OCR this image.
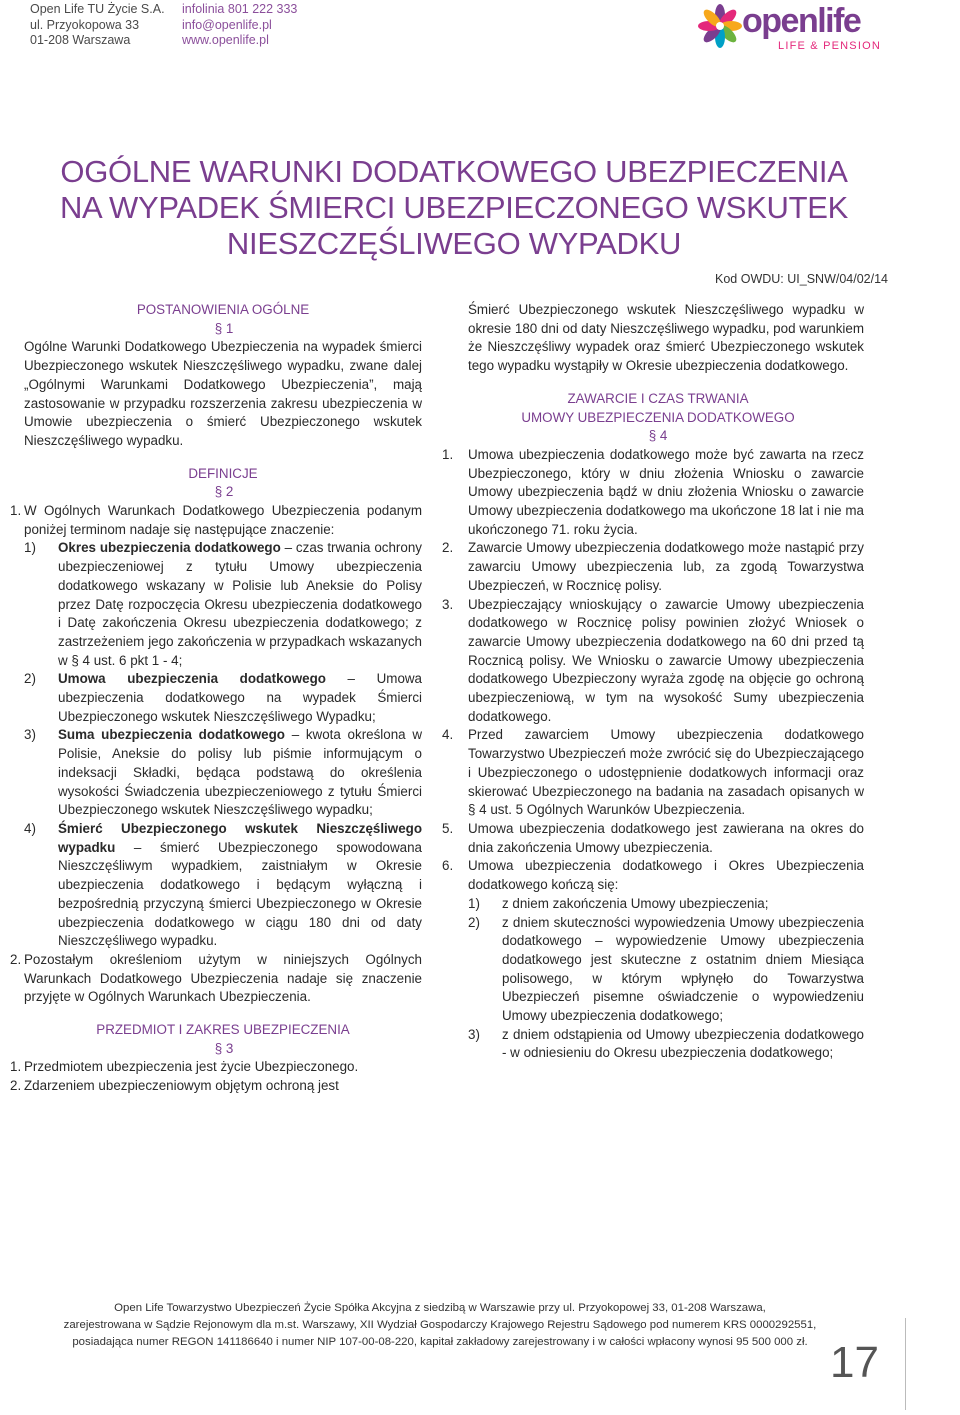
Open Life TU Życie S.A.
ul. Przyokopowa 33
01-208 Warszawa
infolinia 801 222 333
info@openlife.pl
www.openlife.pl	openlife
LIFE & PENSION
OGÓLNE WARUNKI DODATKOWEGO UBEZPIECZENIA
NA WYPADEK ŚMIERCI UBEZPIECZONEGO WSKUTEK
NIESZCZĘŚLIWEGO WYPADKU
Kod OWDU: UI_SNW/04/02/14
POSTANOWIENIA OGÓLNE
§ 1
Ogólne Warunki Dodatkowego Ubezpieczenia na wypadek śmierci Ubezpieczonego wskutek Nieszczęśliwego wypadku, zwane dalej „Ogólnymi Warunkami Dodatkowego Ubezpieczenia”, mają zastosowanie w przypadku rozszerzenia zakresu ubezpieczenia w Umowie ubezpieczenia o śmierć Ubezpieczonego wskutek Nieszczęśliwego wypadku.
DEFINICJE
§ 2
1. W Ogólnych Warunkach Dodatkowego Ubezpieczenia podanym poniżej terminom nadaje się następujące znaczenie:
1) Okres ubezpieczenia dodatkowego – czas trwania ochrony ubezpieczeniowej z tytułu Umowy ubezpieczenia dodatkowego wskazany w Polisie lub Aneksie do Polisy przez Datę rozpoczęcia Okresu ubezpieczenia dodatkowego i Datę zakończenia Okresu ubezpieczenia dodatkowego; z zastrzeżeniem jego zakończenia w przypadkach wskazanych w § 4 ust. 6 pkt 1 - 4;
2) Umowa ubezpieczenia dodatkowego – Umowa ubezpieczenia dodatkowego na wypadek Śmierci Ubezpieczonego wskutek Nieszczęśliwego Wypadku;
3) Suma ubezpieczenia dodatkowego – kwota określona w Polisie, Aneksie do polisy lub piśmie informującym o indeksacji Składki, będąca podstawą do określenia wysokości Świadczenia ubezpieczeniowego z tytułu Śmierci Ubezpieczonego wskutek Nieszczęśliwego wypadku;
4) Śmierć Ubezpieczonego wskutek Nieszczęśliwego wypadku – śmierć Ubezpieczonego spowodowana Nieszczęśliwym wypadkiem, zaistniałym w Okresie ubezpieczenia dodatkowego i będącym wyłączną i bezpośrednią przyczyną śmierci Ubezpieczonego w Okresie ubezpieczenia dodatkowego w ciągu 180 dni od daty Nieszczęśliwego wypadku.
2. Pozostałym określeniom użytym w niniejszych Ogólnych Warunkach Dodatkowego Ubezpieczenia nadaje się znaczenie przyjęte w Ogólnych Warunkach Ubezpieczenia.
PRZEDMIOT I ZAKRES UBEZPIECZENIA
§ 3
1. Przedmiotem ubezpieczenia jest życie Ubezpieczonego.
2. Zdarzeniem ubezpieczeniowym objętym ochroną jest
Śmierć Ubezpieczonego wskutek Nieszczęśliwego wypadku w okresie 180 dni od daty Nieszczęśliwego wypadku, pod warunkiem że Nieszczęśliwy wypadek oraz śmierć Ubezpieczonego wskutek tego wypadku wystąpiły w Okresie ubezpieczenia dodatkowego.
ZAWARCIE I CZAS TRWANIA
UMOWY UBEZPIECZENIA DODATKOWEGO
§ 4
1. Umowa ubezpieczenia dodatkowego może być zawarta na rzecz Ubezpieczonego, który w dniu złożenia Wniosku o zawarcie Umowy ubezpieczenia bądź w dniu złożenia Wniosku o zawarcie Umowy ubezpieczenia dodatkowego ma ukończone 18 lat i nie ma ukończonego 71. roku życia.
2. Zawarcie Umowy ubezpieczenia dodatkowego może nastąpić przy zawarciu Umowy ubezpieczenia lub, za zgodą Towarzystwa Ubezpieczeń, w Rocznicę polisy.
3. Ubezpieczający wnioskujący o zawarcie Umowy ubezpieczenia dodatkowego w Rocznicę polisy powinien złożyć Wniosek o zawarcie Umowy ubezpieczenia dodatkowego na 60 dni przed tą Rocznicą polisy. We Wniosku o zawarcie Umowy ubezpieczenia dodatkowego Ubezpieczony wyraża zgodę na objęcie go ochroną ubezpieczeniową, w tym na wysokość Sumy ubezpieczenia dodatkowego.
4. Przed zawarciem Umowy ubezpieczenia dodatkowego Towarzystwo Ubezpieczeń może zwrócić się do Ubezpieczającego i Ubezpieczonego o udostępnienie dodatkowych informacji oraz skierować Ubezpieczonego na badania na zasadach opisanych w § 4 ust. 5 Ogólnych Warunków Ubezpieczenia.
5. Umowa ubezpieczenia dodatkowego jest zawierana na okres do dnia zakończenia Umowy ubezpieczenia.
6. Umowa ubezpieczenia dodatkowego i Okres Ubezpieczenia dodatkowego kończą się:
1) z dniem zakończenia Umowy ubezpieczenia;
2) z dniem skuteczności wypowiedzenia Umowy ubezpieczenia dodatkowego – wypowiedzenie Umowy ubezpieczenia dodatkowego jest skuteczne z ostatnim dniem Miesiąca polisowego, w którym wpłynęło do Towarzystwa Ubezpieczeń pisemne oświadczenie o wypowiedzeniu Umowy ubezpieczenia dodatkowego;
3) z dniem odstąpienia od Umowy ubezpieczenia dodatkowego - w odniesieniu do Okresu ubezpieczenia dodatkowego;
Open Life Towarzystwo Ubezpieczeń Życie Spółka Akcyjna z siedzibą w Warszawie przy ul. Przyokopowej 33, 01-208 Warszawa,
zarejestrowana w Sądzie Rejonowym dla m.st. Warszawy, XII Wydział Gospodarczy Krajowego Rejestru Sądowego pod numerem KRS 0000292551,
posiadająca numer REGON 141186640 i numer NIP 107-00-08-220, kapitał zakładowy zarejestrowany i w całości wpłacony wynosi 95 500 000 zł. 17
